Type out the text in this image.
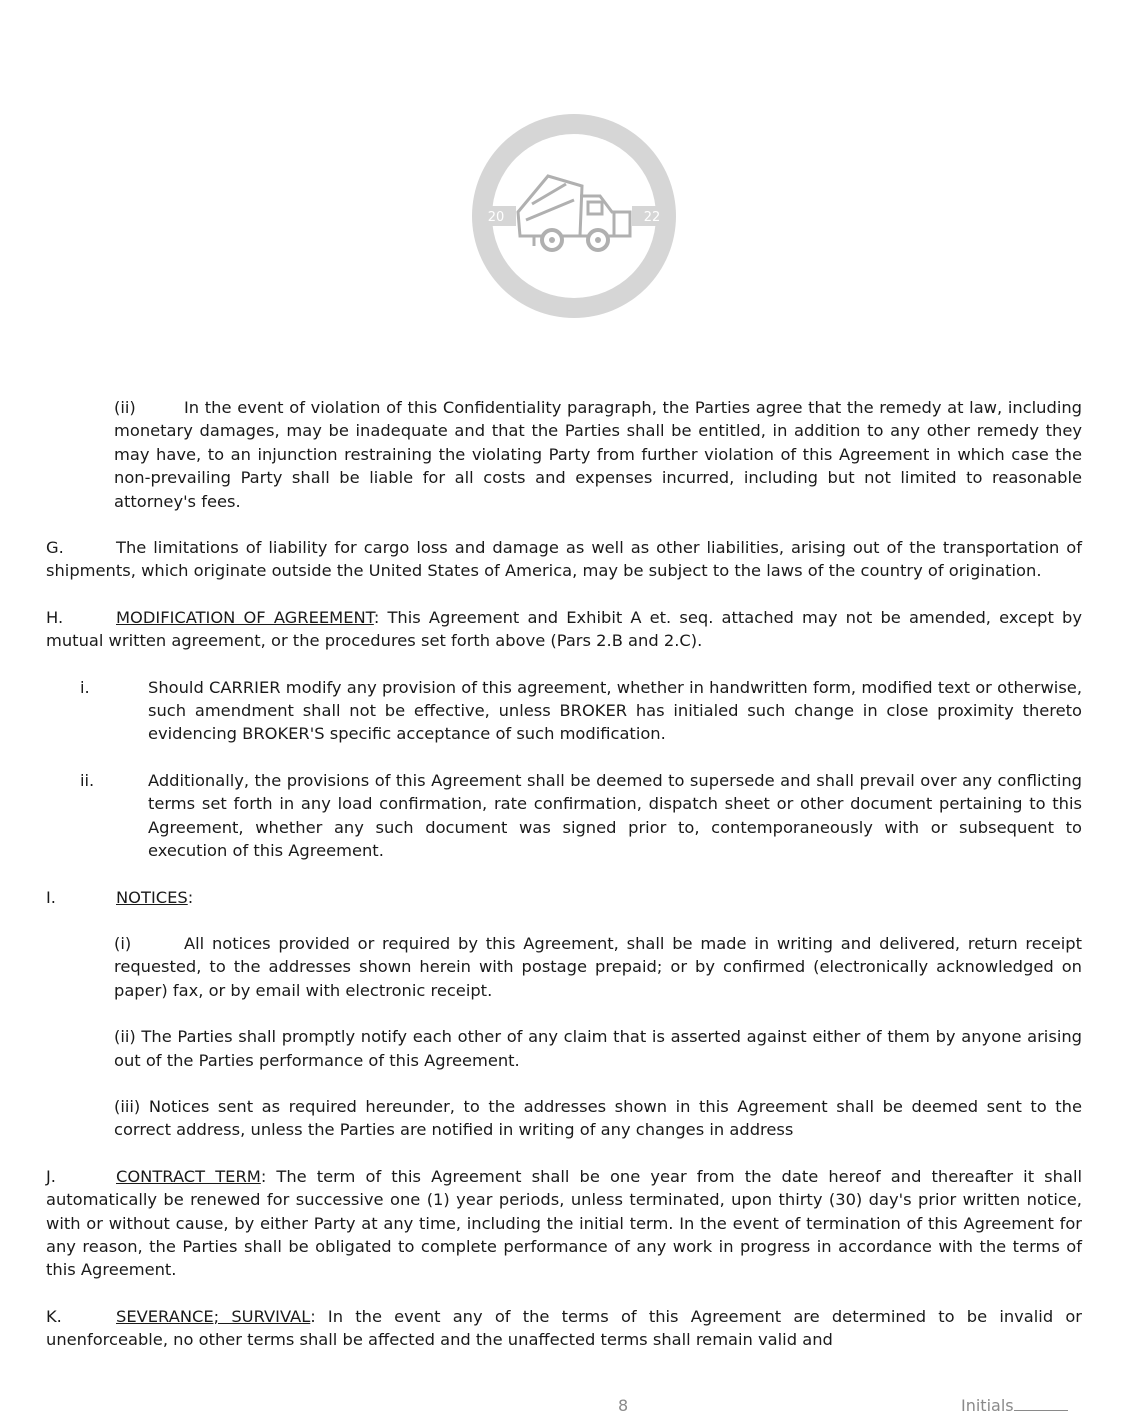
ABC LOGISTICS
LET US DELIVER ON TIME
20	22

(ii)	In the event of violation of this Confidentiality paragraph, the Parties agree that the remedy at law, including monetary damages, may be inadequate and that the Parties shall be entitled, in addition to any other remedy they may have, to an injunction restraining the violating Party from further violation of this Agreement in which case the non-prevailing Party shall be liable for all costs and expenses incurred, including but not limited to reasonable attorney's fees.

G.	The limitations of liability for cargo loss and damage as well as other liabilities, arising out of the transportation of shipments, which originate outside the United States of America, may be subject to the laws of the country of origination.

H.	MODIFICATION OF AGREEMENT: This Agreement and Exhibit A et. seq. attached may not be amended, except by mutual written agreement, or the procedures set forth above (Pars 2.B and 2.C).

i.	Should CARRIER modify any provision of this agreement, whether in handwritten form, modified text or otherwise, such amendment shall not be effective, unless BROKER has initialed such change in close proximity thereto evidencing BROKER'S specific acceptance of such modification.

ii.	Additionally, the provisions of this Agreement shall be deemed to supersede and shall prevail over any conflicting terms set forth in any load confirmation, rate confirmation, dispatch sheet or other document pertaining to this Agreement, whether any such document was signed prior to, contemporaneously with or subsequent to execution of this Agreement.

I.	NOTICES:

(i)	All notices provided or required by this Agreement, shall be made in writing and delivered, return receipt requested, to the addresses shown herein with postage prepaid; or by confirmed (electronically acknowledged on paper) fax, or by email with electronic receipt.

(ii) The Parties shall promptly notify each other of any claim that is asserted against either of them by anyone arising out of the Parties performance of this Agreement.

(iii) Notices sent as required hereunder, to the addresses shown in this Agreement shall be deemed sent to the correct address, unless the Parties are notified in writing of any changes in address

J.	CONTRACT TERM: The term of this Agreement shall be one year from the date hereof and thereafter it shall automatically be renewed for successive one (1) year periods, unless terminated, upon thirty (30) day's prior written notice, with or without cause, by either Party at any time, including the initial term. In the event of termination of this Agreement for any reason, the Parties shall be obligated to complete performance of any work in progress in accordance with the terms of this Agreement.

K.	SEVERANCE; SURVIVAL: In the event any of the terms of this Agreement are determined to be invalid or unenforceable, no other terms shall be affected and the unaffected terms shall remain valid and

8	Initials
